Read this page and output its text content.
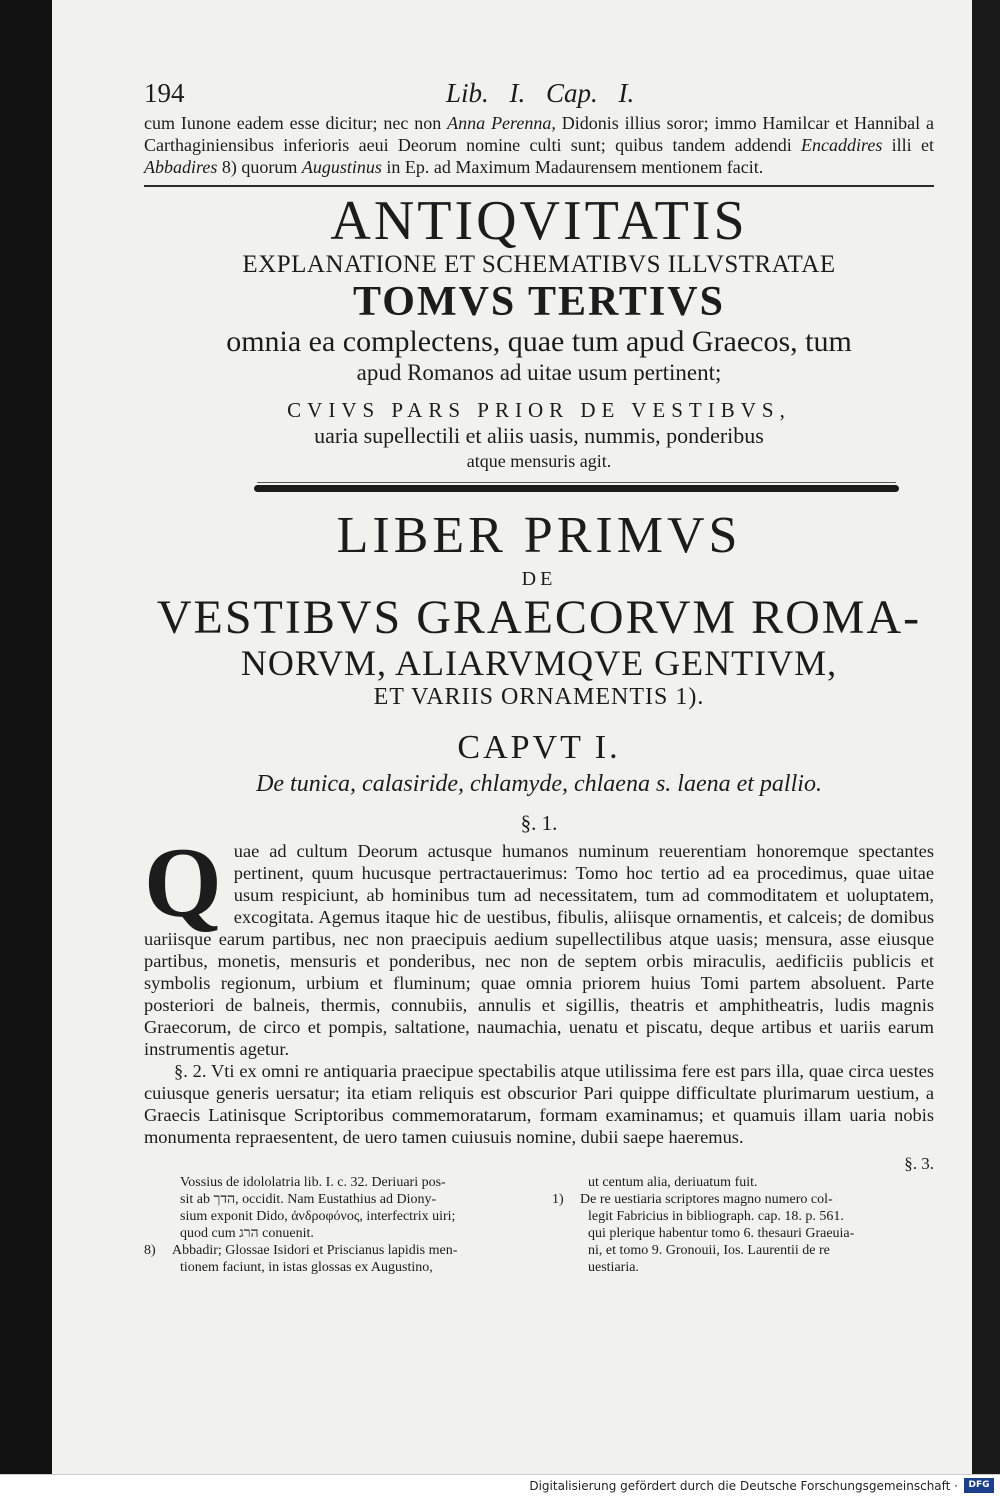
194	Lib. I. Cap. I.
cum Iunone eadem esse dicitur; nec non Anna Perenna, Didonis illius soror; immo Hamilcar et Hannibal a Carthaginiensibus inferioris aeui Deorum nomine culti sunt; quibus tandem addendi Encaddires illi et Abbadires 8) quorum Augustinus in Ep. ad Maximum Madaurensem mentionem facit.
ANTIQVITATIS
EXPLANATIONE ET SCHEMATIBVS ILLVSTRATAE
TOMVS TERTIVS
omnia ea complectens, quae tum apud Graecos, tum
apud Romanos ad uitae usum pertinent;
CVIVS PARS PRIOR DE VESTIBVS,
uaria supellectili et aliis uasis, nummis, ponderibus
atque mensuris agit.
LIBER PRIMVS
DE
VESTIBVS GRAECORVM ROMA-
NORVM, ALIARVMQVE GENTIVM,
ET VARIIS ORNAMENTIS 1).
CAPVT I.
De tunica, calasiride, chlamyde, chlaena s. laena et pallio.
§. 1.
Quae ad cultum Deorum actusque humanos numinum reuerentiam honoremque spectantes pertinent, quum hucusque pertractauerimus: Tomo hoc tertio ad ea procedimus, quae uitae usum respiciunt, ab hominibus tum ad necessitatem, tum ad commoditatem et uoluptatem, excogitata. Agemus itaque hic de uestibus, fibulis, aliisque ornamentis, et calceis; de domibus uariisque earum partibus, nec non praecipuis aedium supellectilibus atque uasis; mensura, asse eiusque partibus, monetis, mensuris et ponderibus, nec non de septem orbis miraculis, aedificiis publicis et symbolis regionum, urbium et fluminum; quae omnia priorem huius Tomi partem absoluent. Parte posteriori de balneis, thermis, connubiis, annulis et sigillis, theatris et amphitheatris, ludis magnis Graecorum, de circo et pompis, saltatione, naumachia, uenatu et piscatu, deque artibus et uariis earum instrumentis agetur.
§. 2. Vti ex omni re antiquaria praecipue spectabilis atque utilissima fere est pars illa, quae circa uestes cuiusque generis uersatur; ita etiam reliquis est obscurior Pari quippe difficultate plurimarum uestium, a Graecis Latinisque Scriptoribus commemoratarum, formam examinamus; et quamuis illam uaria nobis monumenta repraesentent, de uero tamen cuiusuis nomine, dubii saepe haeremus.
§. 3.

Vossius de idololatria lib. I. c. 32. Deriuari pos-

sit ab הדך, occidit. Nam Eustathius ad Diony-

sium exponit Dido, ἀνδροφόνος, interfectrix uiri;

quod cum הרג conuenit.

8) Abbadir; Glossae Isidori et Priscianus lapidis men-

tionem faciunt, in istas glossas ex Augustino,

ut centum alia, deriuatum fuit.

1) De re uestiaria scriptores magno numero col-

legit Fabricius in bibliograph. cap. 18. p. 561.

qui plerique habentur tomo 6. thesauri Graeuia-

ni, et tomo 9. Gronouii, Ios. Laurentii de re

uestiaria.

Digitalisierung gefördert durch die Deutsche Forschungsgemeinschaft ·	DFG
